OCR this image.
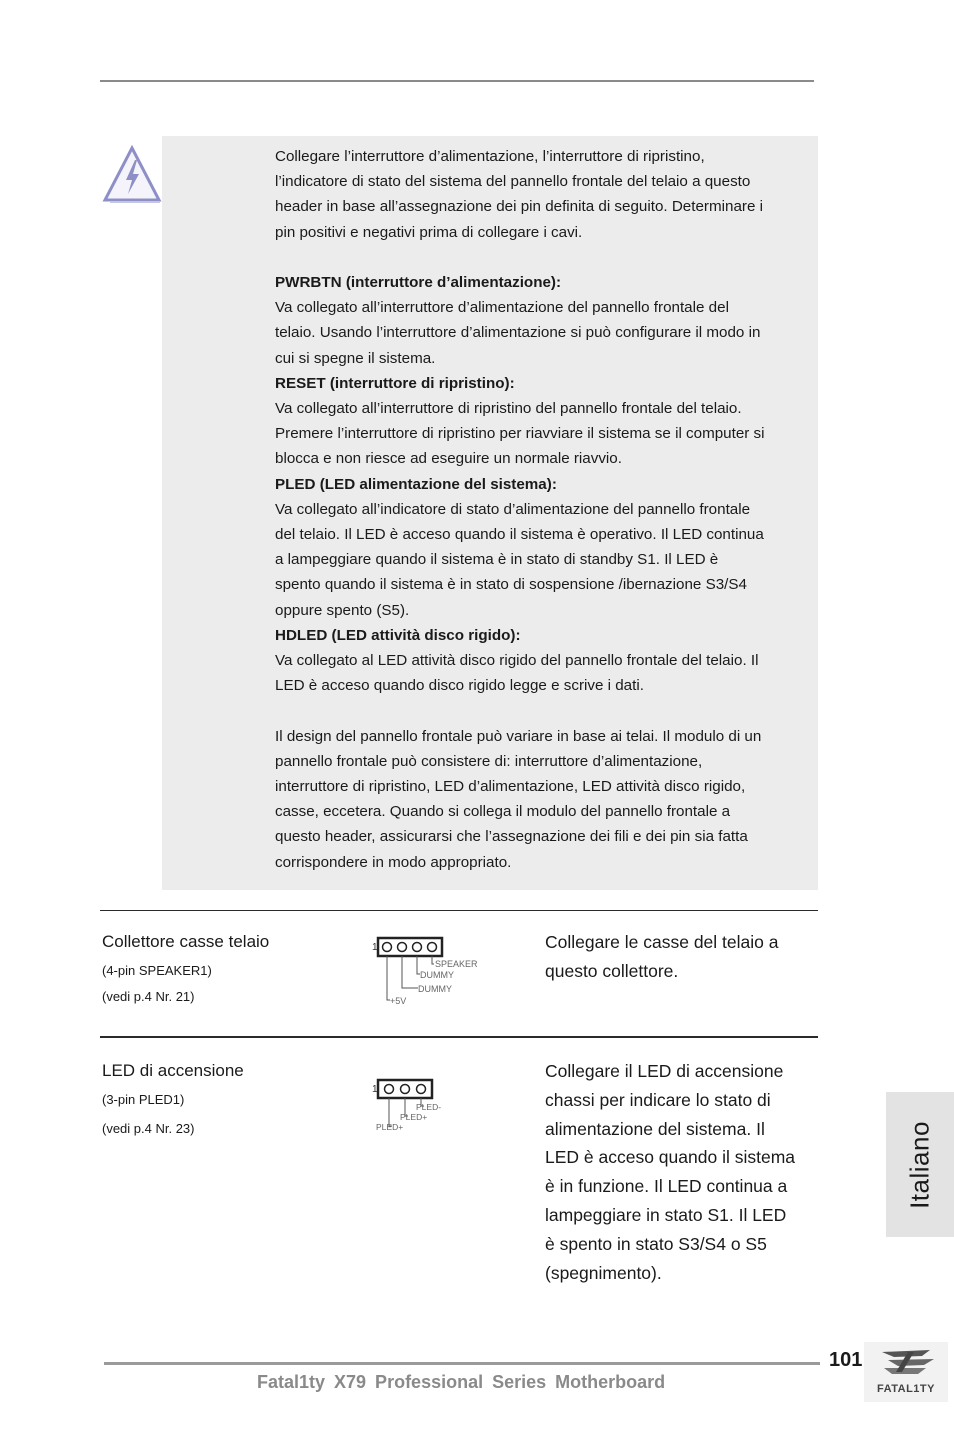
Collegare l’interruttore d’alimentazione, l’interruttore di ripristino,

l’indicatore di stato del sistema del pannello frontale del telaio a questo

header in base all’assegnazione dei pin definita di seguito. Determinare i

pin positivi e negativi prima di collegare i cavi.

PWRBTN (interruttore d’alimentazione):

Va collegato all’interruttore d’alimentazione del pannello frontale del

telaio. Usando l’interruttore d’alimentazione si può configurare il modo in

cui si spegne il sistema.

RESET (interruttore di ripristino):

Va collegato all’interruttore di ripristino del pannello frontale del telaio.

Premere l’interruttore di ripristino per riavviare il sistema se il computer si

blocca e non riesce ad eseguire un normale riavvio.

PLED (LED alimentazione del sistema):

Va collegato all’indicatore di stato d’alimentazione del pannello frontale

del telaio. Il LED è acceso quando il sistema è operativo. Il LED continua

a lampeggiare quando il sistema è in stato di standby S1. Il LED è

spento quando il sistema è in stato di sospensione /ibernazione S3/S4

oppure spento (S5).

HDLED (LED attività disco rigido):

Va collegato al LED attività disco rigido del pannello frontale del telaio. Il

LED è acceso quando disco rigido legge e scrive i dati.

Il design del pannello frontale può variare in base ai telai. Il modulo di un

pannello frontale può consistere di: interruttore d’alimentazione,

interruttore di ripristino, LED d’alimentazione, LED attività disco rigido,

casse, eccetera. Quando si collega il modulo del pannello frontale a

questo header, assicurarsi che l’assegnazione dei fili e dei pin sia fatta

corrispondere in modo appropriato.

Collettore casse telaio
(4-pin SPEAKER1)
(vedi p.4 Nr. 21)
1
SPEAKER
DUMMY
DUMMY
+5V
Collegare le casse del telaio a
questo collettore.
LED di accensione
(3-pin PLED1)
(vedi p.4 Nr. 23)
1
PLED-
PLED+
PLED+
Collegare il LED di accensione
chassi per indicare lo stato di
alimentazione del sistema. Il
LED è acceso quando il sistema
è in funzione. Il LED continua a
lampeggiare in stato S1. Il LED
è spento in stato S3/S4 o S5
(spegnimento).
Italiano
101
Fatal1ty X79 Professional Series Motherboard	FATAL1TY
